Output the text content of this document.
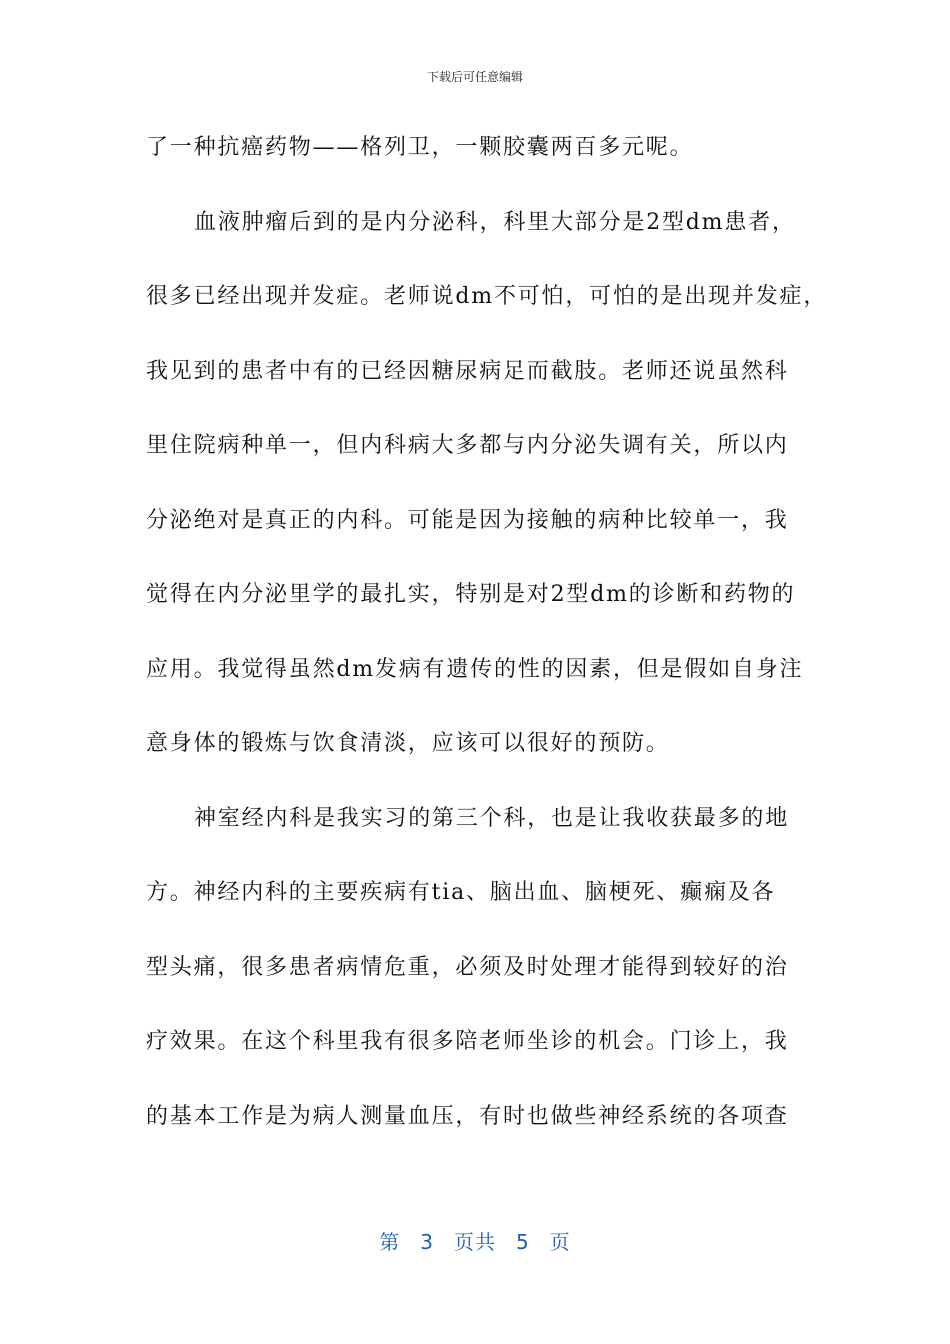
下载后可任意编辑
了一种抗癌药物——格列卫，一颗胶囊两百多元呢。
血液肿瘤后到的是内分泌科，科里大部分是2型dm患者，
很多已经出现并发症。老师说dm不可怕，可怕的是出现并发症，
我见到的患者中有的已经因糖尿病足而截肢。老师还说虽然科
里住院病种单一，但内科病大多都与内分泌失调有关，所以内
分泌绝对是真正的内科。可能是因为接触的病种比较单一，我
觉得在内分泌里学的最扎实，特别是对2型dm的诊断和药物的
应用。我觉得虽然dm发病有遗传的性的因素，但是假如自身注
意身体的锻炼与饮食清淡，应该可以很好的预防。
神室经内科是我实习的第三个科，也是让我收获最多的地
方。神经内科的主要疾病有tia、脑出血、脑梗死、癫痫及各
型头痛，很多患者病情危重，必须及时处理才能得到较好的治
疗效果。在这个科里我有很多陪老师坐诊的机会。门诊上，我
的基本工作是为病人测量血压，有时也做些神经系统的各项查
第 3 页共 5 页
